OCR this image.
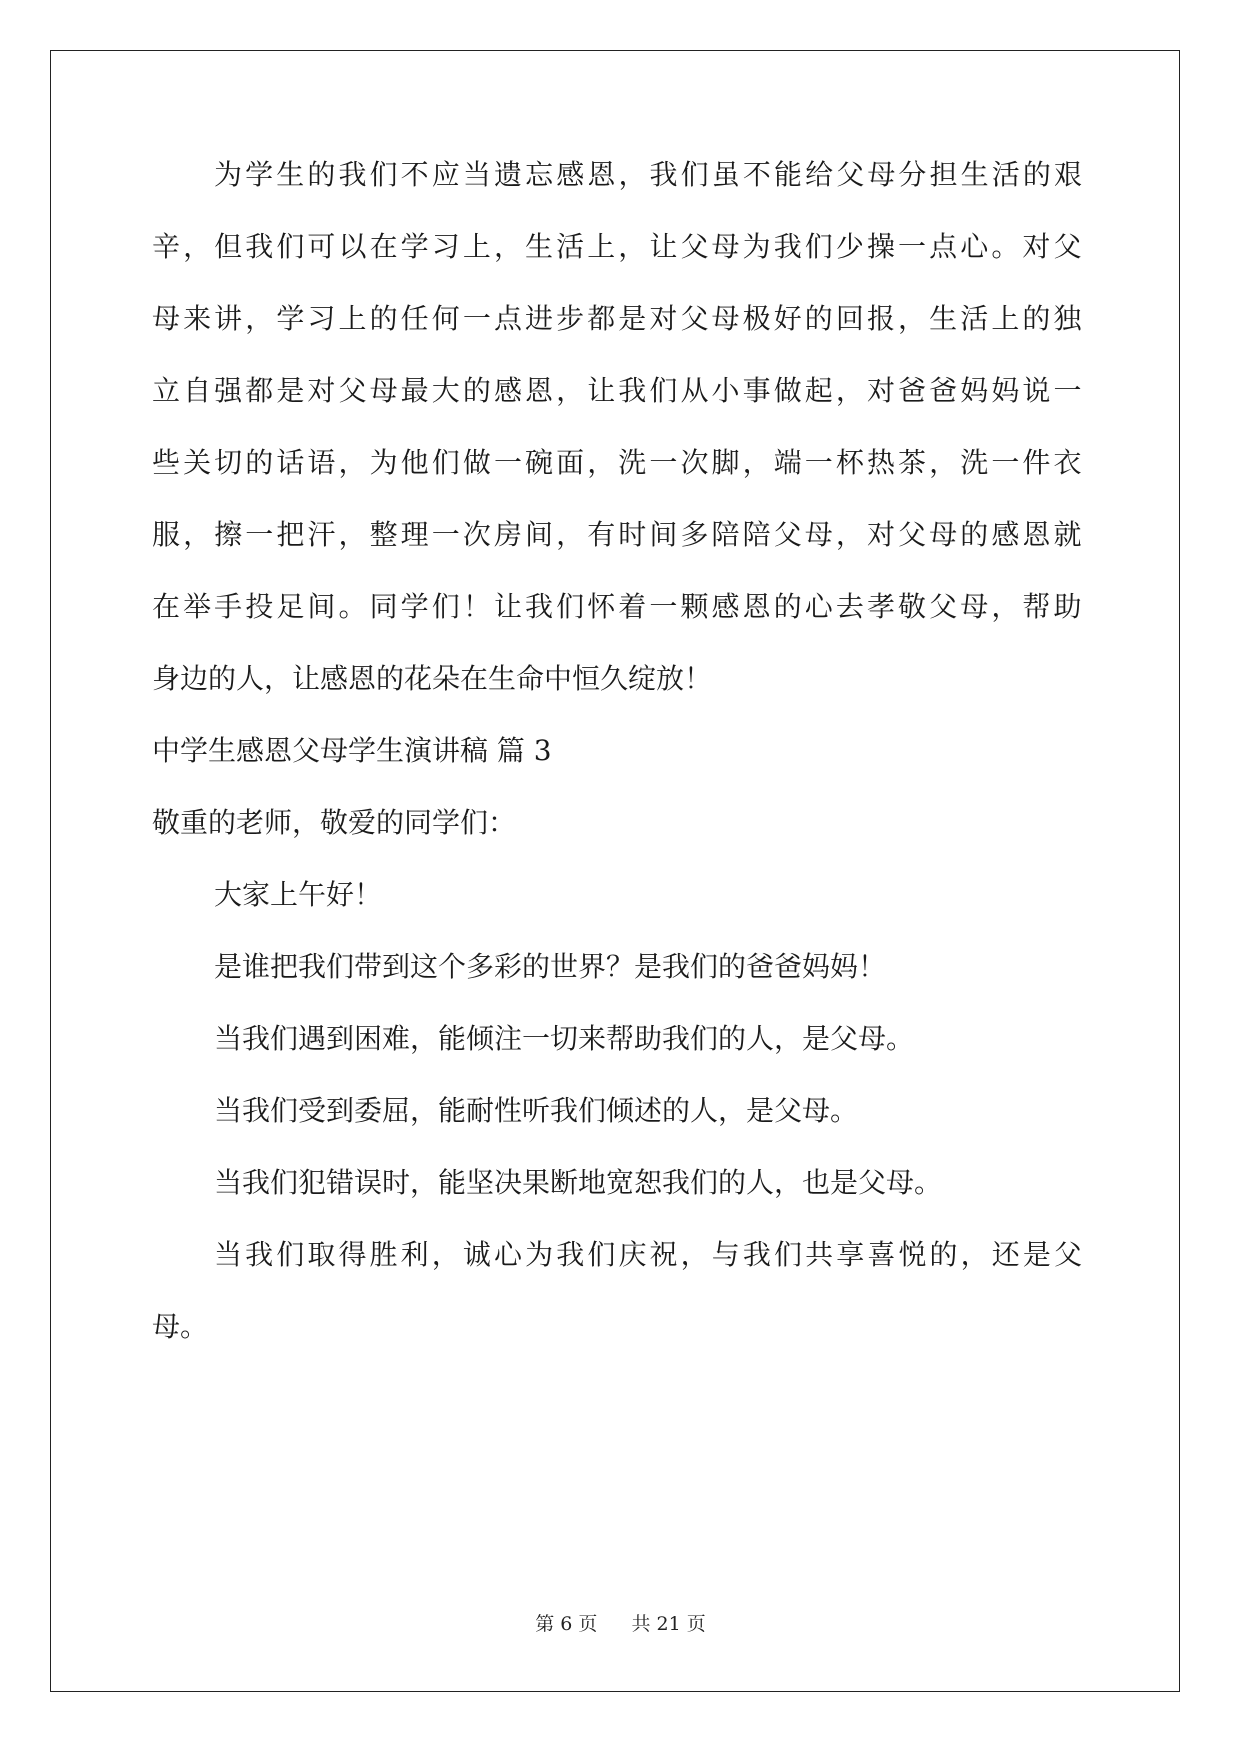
为学生的我们不应当遗忘感恩，我们虽不能给父母分担生活的艰
辛，但我们可以在学习上，生活上，让父母为我们少操一点心。对父
母来讲，学习上的任何一点进步都是对父母极好的回报，生活上的独
立自强都是对父母最大的感恩，让我们从小事做起，对爸爸妈妈说一
些关切的话语，为他们做一碗面，洗一次脚，端一杯热茶，洗一件衣
服，擦一把汗，整理一次房间，有时间多陪陪父母，对父母的感恩就
在举手投足间。同学们！让我们怀着一颗感恩的心去孝敬父母，帮助
身边的人，让感恩的花朵在生命中恒久绽放！
中学生感恩父母学生演讲稿 篇 3
敬重的老师，敬爱的同学们：
大家上午好！
是谁把我们带到这个多彩的世界？是我们的爸爸妈妈！
当我们遇到困难，能倾注一切来帮助我们的人，是父母。
当我们受到委屈，能耐性听我们倾述的人，是父母。
当我们犯错误时，能坚决果断地宽恕我们的人，也是父母。
当我们取得胜利，诚心为我们庆祝，与我们共享喜悦的，还是父
母。
第 6 页 共 21 页
